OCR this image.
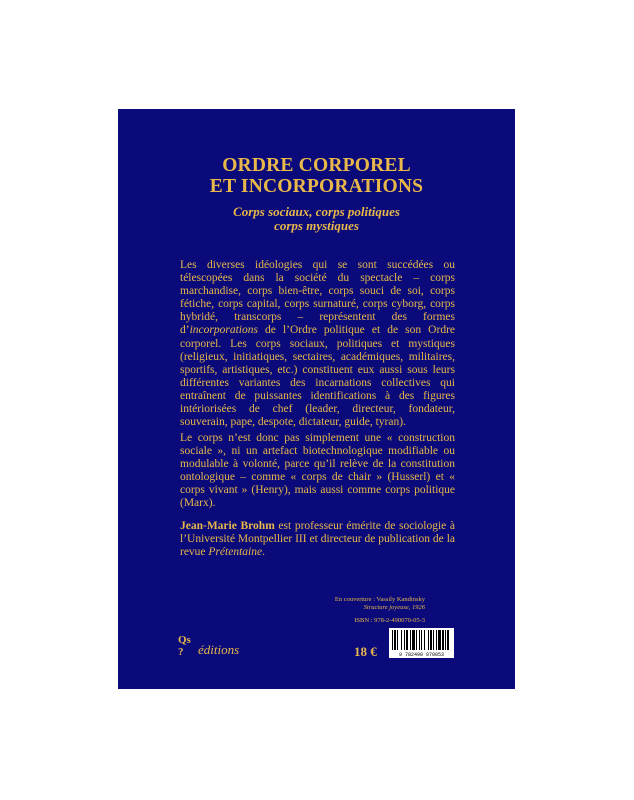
ORDRE CORPOREL
ET INCORPORATIONS
Corps sociaux, corps politiques
corps mystiques
Les diverses idéologies qui se sont succédées ou télescopées dans la société du spectacle – corps marchandise, corps bien-être, corps souci de soi, corps fétiche, corps capital, corps surnaturé, corps cyborg, corps hybridé, transcorps – représentent des formes d’incorporations de l’Ordre politique et de son Ordre corporel. Les corps sociaux, politiques et mystiques (religieux, initiatiques, sectaires, académiques, militaires, sportifs, artistiques, etc.) constituent eux aussi sous leurs différentes variantes des incarnations collectives qui entraînent de puissantes identifications à des figures intériorisées de chef (leader, directeur, fondateur, souverain, pape, despote, dictateur, guide, tyran).
Le corps n’est donc pas simplement une « construction sociale », ni un artefact biotechnologique modifiable ou modulable à volonté, parce qu’il relève de la constitution ontologique – comme « corps de chair » (Husserl) et « corps vivant » (Henry), mais aussi comme corps politique (Marx).
Jean-Marie Brohm est professeur émérite de sociologie à l’Université Montpellier III et directeur de publication de la revue Prétentaine.
En couverture : Vassily Kandinsky
Structure joyeuse, 1926
ISBN : 978-2-490070-05-3
Qs
?	éditions	18 €	9 782490 070053
